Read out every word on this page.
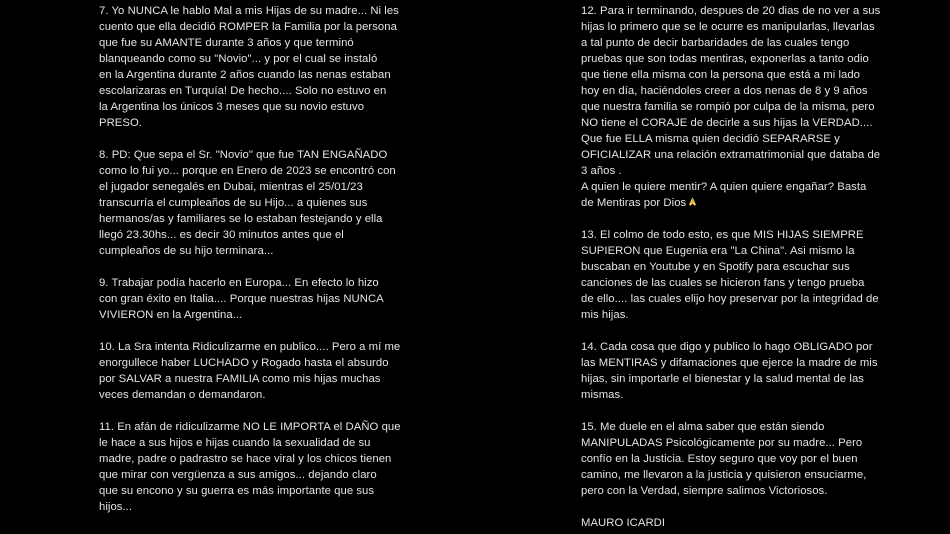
7. Yo NUNCA le hablo Mal a mis Hijas de su madre... Ni les
cuento que ella decidió ROMPER la Familia por la persona
que fue su AMANTE durante 3 años y que terminó
blanqueando como su "Novio"... y por el cual se instaló
en la Argentina durante 2 años cuando las nenas estaban
escolarizaras en Turquía! De hecho.... Solo no estuvo en
la Argentina los únicos 3 meses que su novio estuvo
PRESO.

8. PD: Que sepa el Sr. "Novio" que fue TAN ENGAÑADO
como lo fui yo... porque en Enero de 2023 se encontró con
el jugador senegalés en Dubai, mientras el 25/01/23
transcurría el cumpleaños de su Hijo... a quienes sus
hermanos/as y familiares se lo estaban festejando y ella
llegó 23.30hs... es decir 30 minutos antes que el
cumpleaños de su hijo terminara...

9. Trabajar podía hacerlo en Europa... En efecto lo hizo
con gran éxito en Italia.... Porque nuestras hijas NUNCA
VIVIERON en la Argentina...

10. La Sra intenta Ridiculizarme en publico.... Pero a mí me
enorgullece haber LUCHADO y Rogado hasta el absurdo
por SALVAR a nuestra FAMILIA como mis hijas muchas
veces demandan o demandaron.

11. En afán de ridiculizarme NO LE IMPORTA el DAÑO que
le hace a sus hijos e hijas cuando la sexualidad de su
madre, padre o padrastro se hace viral y los chicos tienen
que mirar con vergüenza a sus amigos... dejando claro
que su encono y su guerra es más importante que sus
hijos...

12. Para ir terminando, despues de 20 dias de no ver a sus
hijas lo primero que se le ocurre es manipularlas, llevarlas
a tal punto de decir barbaridades de las cuales tengo
pruebas que son todas mentiras, exponerlas a tanto odio
que tiene ella misma con la persona que está a mi lado
hoy en día, haciéndoles creer a dos nenas de 8 y 9 años
que nuestra familia se rompió por culpa de la misma, pero
NO tiene el CORAJE de decirle a sus hijas la VERDAD....
Que fue ELLA misma quien decidió SEPARARSE y
OFICIALIZAR una relación extramatrimonial que databa de
3 años .
A quien le quiere mentir? A quien quiere engañar? Basta
de Mentiras por Dios

13. El colmo de todo esto, es que MIS HIJAS SIEMPRE
SUPIERON que Eugenia era "La China". Asi mismo la
buscaban en Youtube y en Spotify para escuchar sus
canciones de las cuales se hicieron fans y tengo prueba
de ello.... las cuales elijo hoy preservar por la integridad de
mis hijas.

14. Cada cosa que digo y publico lo hago OBLIGADO por
las MENTIRAS y difamaciones que ejerce la madre de mis
hijas, sin importarle el bienestar y la salud mental de las
mismas.

15. Me duele en el alma saber que están siendo
MANIPULADAS Psicológicamente por su madre... Pero
confío en la Justicia. Estoy seguro que voy por el buen
camino, me llevaron a la justicia y quisieron ensuciarme,
pero con la Verdad, siempre salimos Victoriosos.

MAURO ICARDI
